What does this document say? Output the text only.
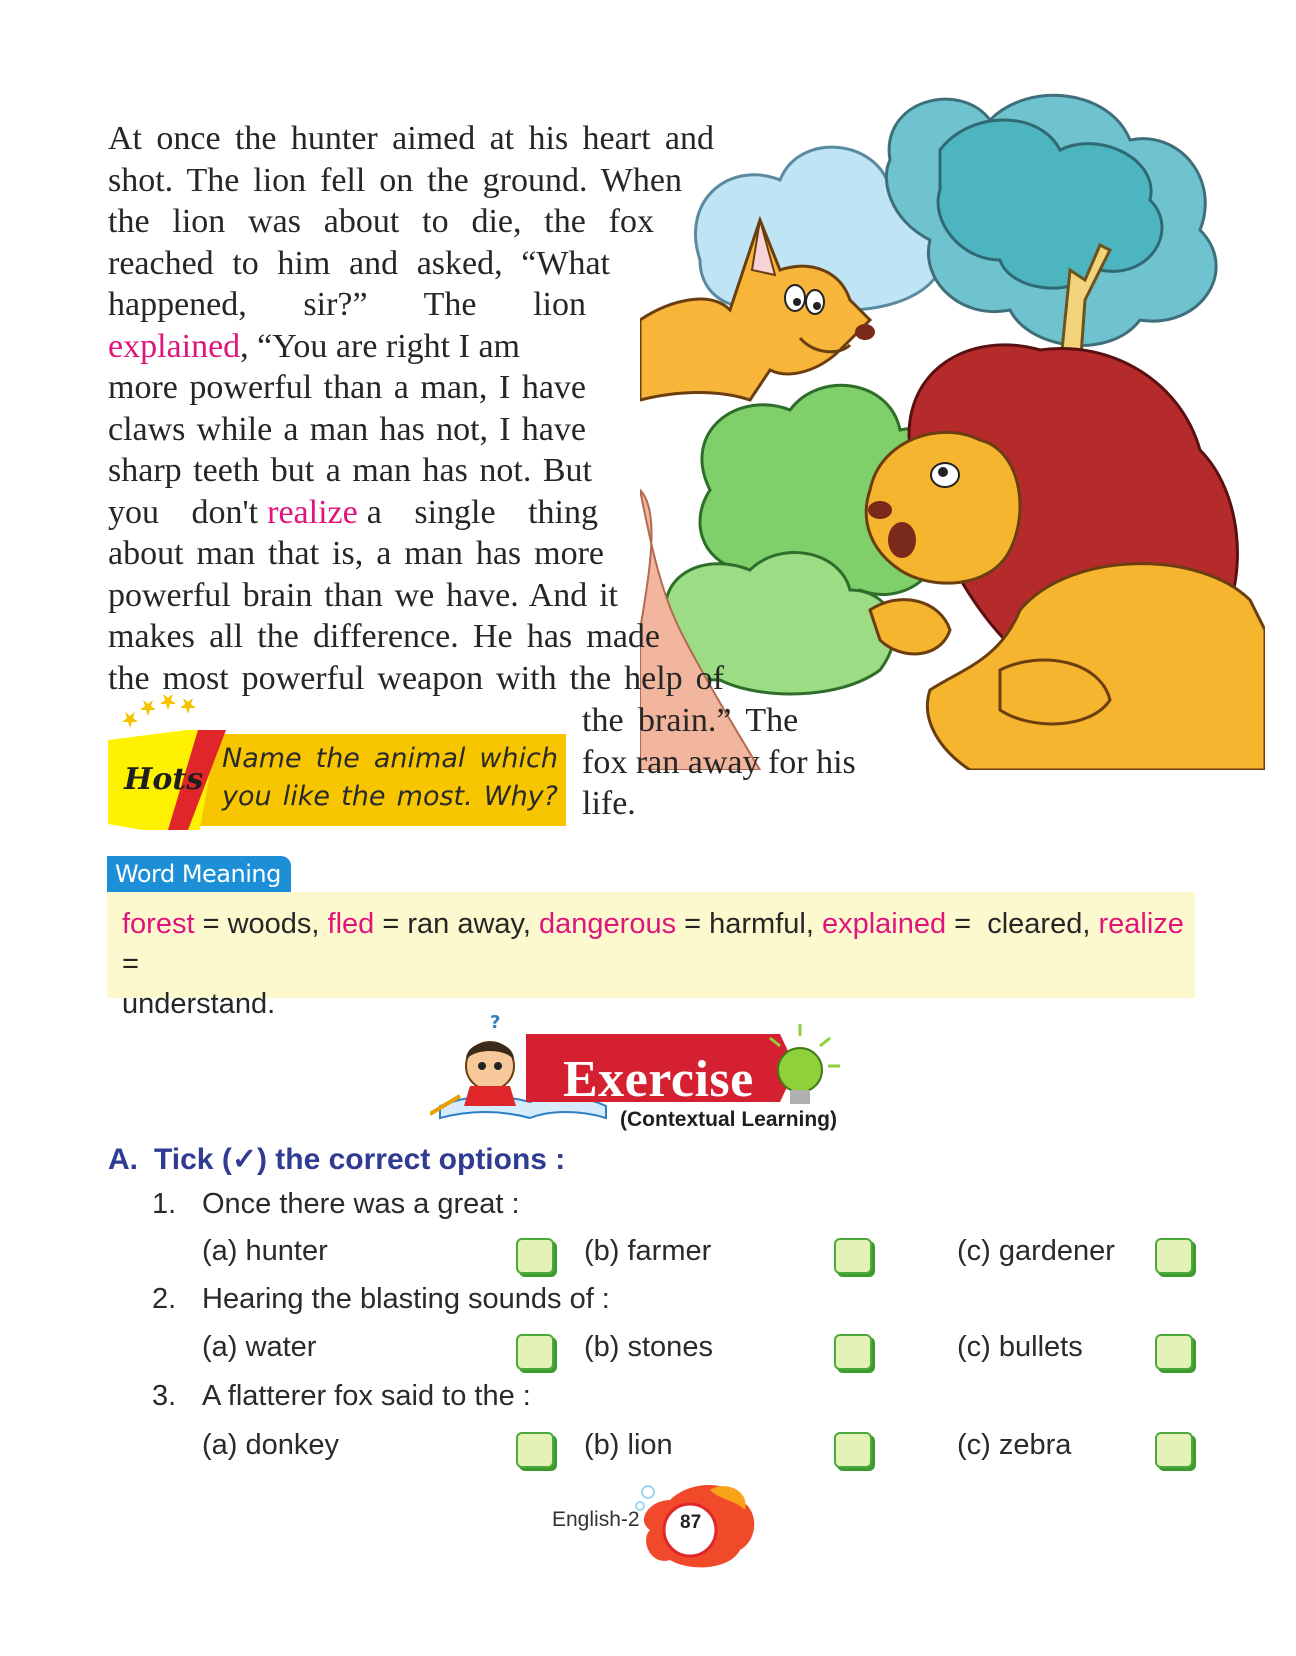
At once the hunter aimed at his heart and
shot. The lion fell on the ground. When
the lion was about to die, the fox
reached to him and asked, “What
happened, sir?” The lion
explained, “You are right I am
more powerful than a man, I have
claws while a man has not, I have
sharp teeth but a man has not. But
you don't realize a single thing
about man that is, a man has more
powerful brain than we have. And it
makes all the difference. He has made
the most powerful weapon with the help of
the brain.” The
fox ran away for his
life.
Name the animal which
you like the most. Why?
Hots
Word Meaning
forest = woods, fled = ran away, dangerous = harmful, explained =  cleared, realize =
understand.
?
Exercise
(Contextual Learning)
A. Tick (✓) the correct options :
1. Once there was a great :
(a) hunter	(b) farmer	(c) gardener
2. Hearing the blasting sounds of :
(a) water	(b) stones	(c) bullets
3. A flatterer fox said to the :
(a) donkey	(b) lion	(c) zebra
English-2 87
